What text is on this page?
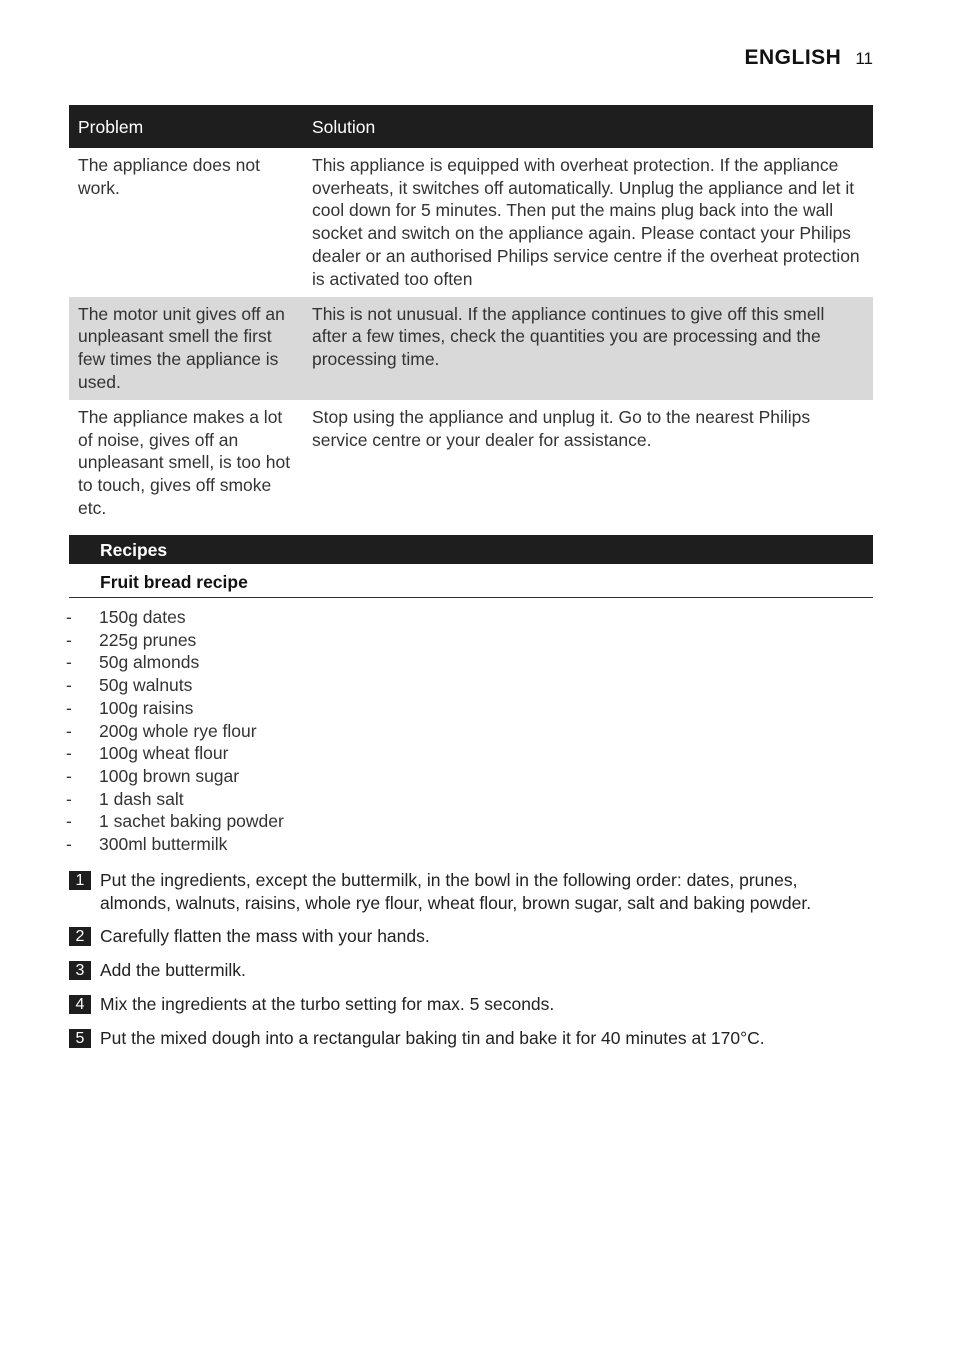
ENGLISH 11
Problem	Solution
The appliance does not work.	This appliance is equipped with overheat protection. If the appliance overheats, it switches off automatically. Unplug the appliance and let it cool down for 5 minutes. Then put the mains plug back into the wall socket and switch on the appliance again. Please contact your Philips dealer or an authorised Philips service centre if the overheat protection is activated too often
The motor unit gives off an unpleasant smell the first few times the appliance is used.	This is not unusual. If the appliance continues to give off this smell after a few times, check the quantities you are processing and the processing time.
The appliance makes a lot of noise, gives off an unpleasant smell, is too hot to touch, gives off smoke etc.	Stop using the appliance and unplug it. Go to the nearest Philips service centre or your dealer for assistance.
Recipes
Fruit bread recipe
-	150g dates
-	225g prunes
-	50g almonds
-	50g walnuts
-	100g raisins
-	200g whole rye flour
-	100g wheat flour
-	100g brown sugar
-	1 dash salt
-	1 sachet baking powder
-	300ml buttermilk
1 Put the ingredients, except the buttermilk, in the bowl in the following order: dates, prunes, almonds, walnuts, raisins, whole rye flour, wheat flour, brown sugar, salt and baking powder.
2 Carefully flatten the mass with your hands.
3 Add the buttermilk.
4 Mix the ingredients at the turbo setting for max. 5 seconds.
5 Put the mixed dough into a rectangular baking tin and bake it for 40 minutes at 170°C.
